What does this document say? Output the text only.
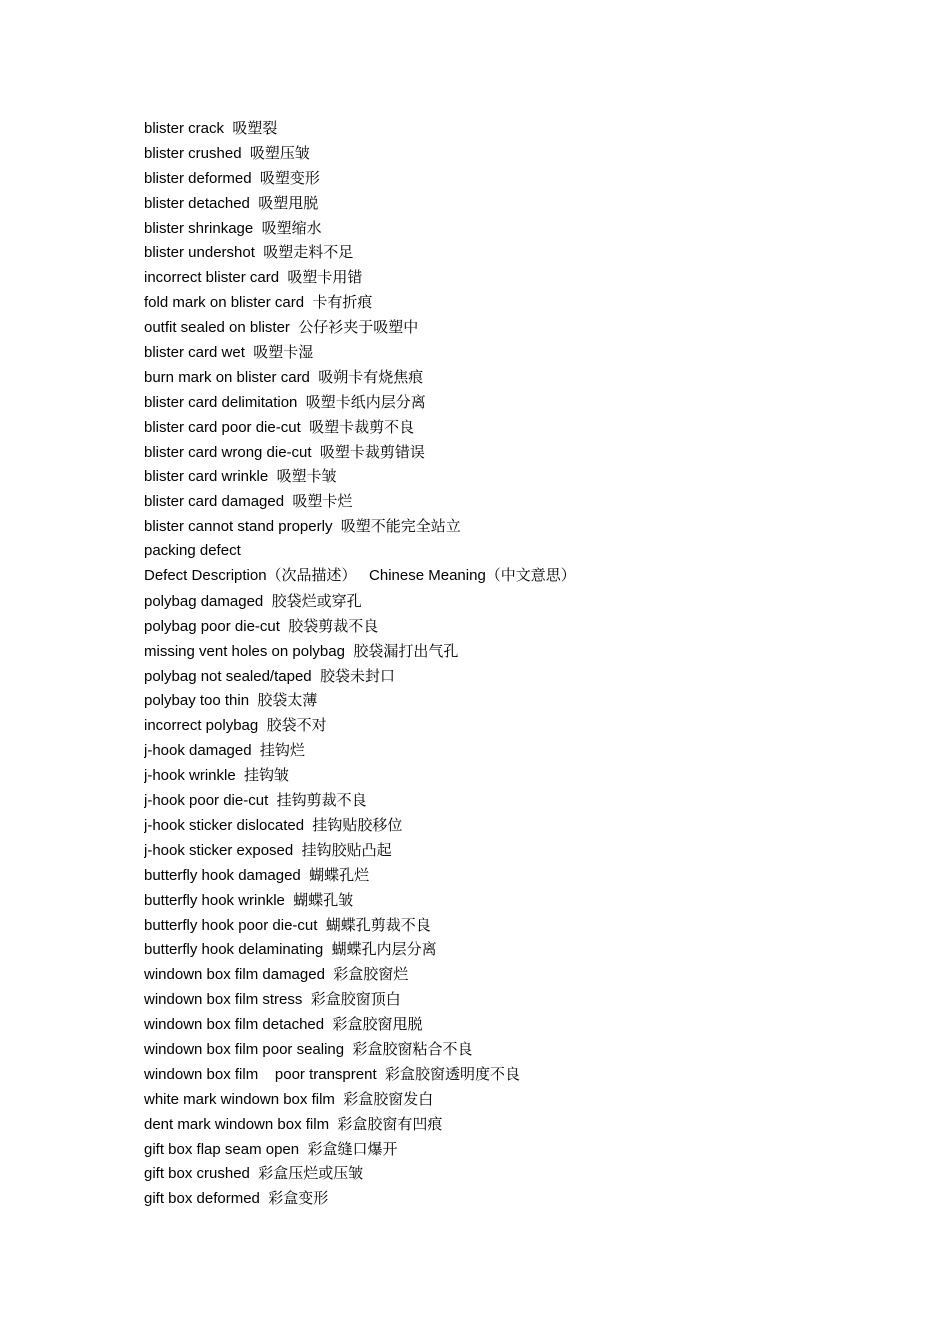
blister crack 吸塑裂
blister crushed 吸塑压皱
blister deformed 吸塑变形
blister detached 吸塑甩脱
blister shrinkage 吸塑缩水
blister undershot 吸塑走料不足
incorrect blister card 吸塑卡用错
fold mark on blister card 卡有折痕
outfit sealed on blister 公仔衫夹于吸塑中
blister card wet 吸塑卡湿
burn mark on blister card 吸朔卡有烧焦痕
blister card delimitation 吸塑卡纸内层分离
blister card poor die-cut 吸塑卡裁剪不良
blister card wrong die-cut 吸塑卡裁剪错误
blister card wrinkle 吸塑卡皱
blister card damaged 吸塑卡烂
blister cannot stand properly 吸塑不能完全站立
packing defect
Defect Description（次品描述）   Chinese Meaning（中文意思）
polybag damaged 胶袋烂或穿孔
polybag poor die-cut 胶袋剪裁不良
missing vent holes on polybag 胶袋漏打出气孔
polybag not sealed/taped 胶袋未封口
polybay too thin 胶袋太薄
incorrect polybag 胶袋不对
j-hook damaged 挂钩烂
j-hook wrinkle 挂钩皱
j-hook poor die-cut 挂钩剪裁不良
j-hook sticker dislocated 挂钩贴胶移位
j-hook sticker exposed 挂钩胶贴凸起
butterfly hook damaged 蝴蝶孔烂
butterfly hook wrinkle 蝴蝶孔皱
butterfly hook poor die-cut 蝴蝶孔剪裁不良
butterfly hook delaminating 蝴蝶孔内层分离
windown box film damaged 彩盒胶窗烂
windown box film stress 彩盒胶窗顶白
windown box film detached 彩盒胶窗甩脱
windown box film poor sealing 彩盒胶窗粘合不良
windown box film    poor transprent 彩盒胶窗透明度不良
white mark windown box film 彩盒胶窗发白
dent mark windown box film 彩盒胶窗有凹痕
gift box flap seam open 彩盒缝口爆开
gift box crushed 彩盒压烂或压皱
gift box deformed 彩盒变形
